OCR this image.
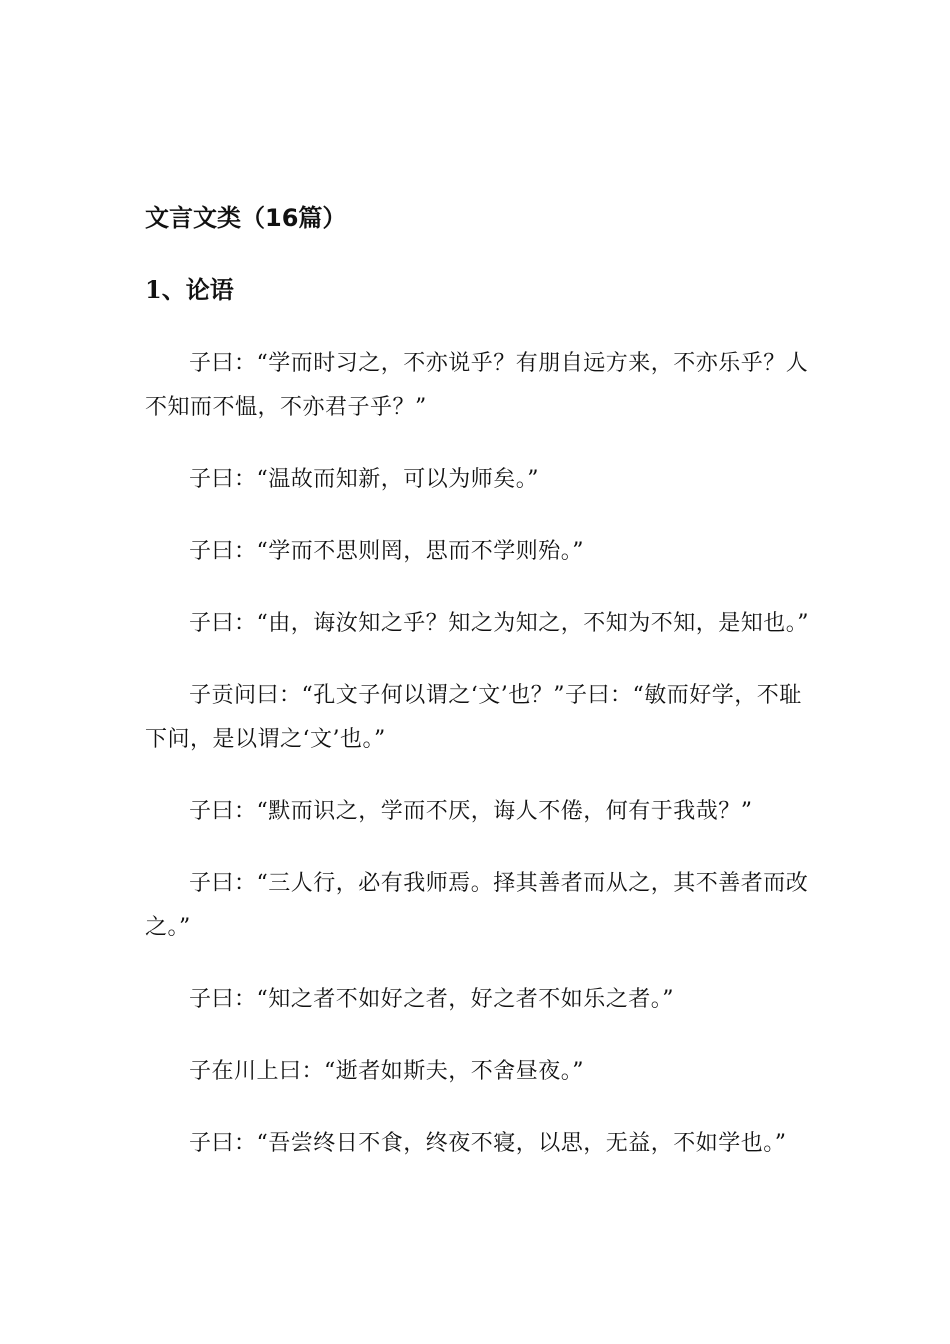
文言文类（16篇）
1、论语

子曰：“学而时习之，不亦说乎？有朋自远方来，不亦乐乎？人不知而不愠，不亦君子乎？”

子曰：“温故而知新，可以为师矣。”

子曰：“学而不思则罔，思而不学则殆。”

子曰：“由，诲汝知之乎？知之为知之，不知为不知，是知也。”

子贡问曰：“孔文子何以谓之‘文’也？”子曰：“敏而好学，不耻下问，是以谓之‘文’也。”

子曰：“默而识之，学而不厌，诲人不倦，何有于我哉？”

子曰：“三人行，必有我师焉。择其善者而从之，其不善者而改之。”

子曰：“知之者不如好之者，好之者不如乐之者。”

子在川上曰：“逝者如斯夫，不舍昼夜。”

子曰：“吾尝终日不食，终夜不寝，以思，无益，不如学也。”
